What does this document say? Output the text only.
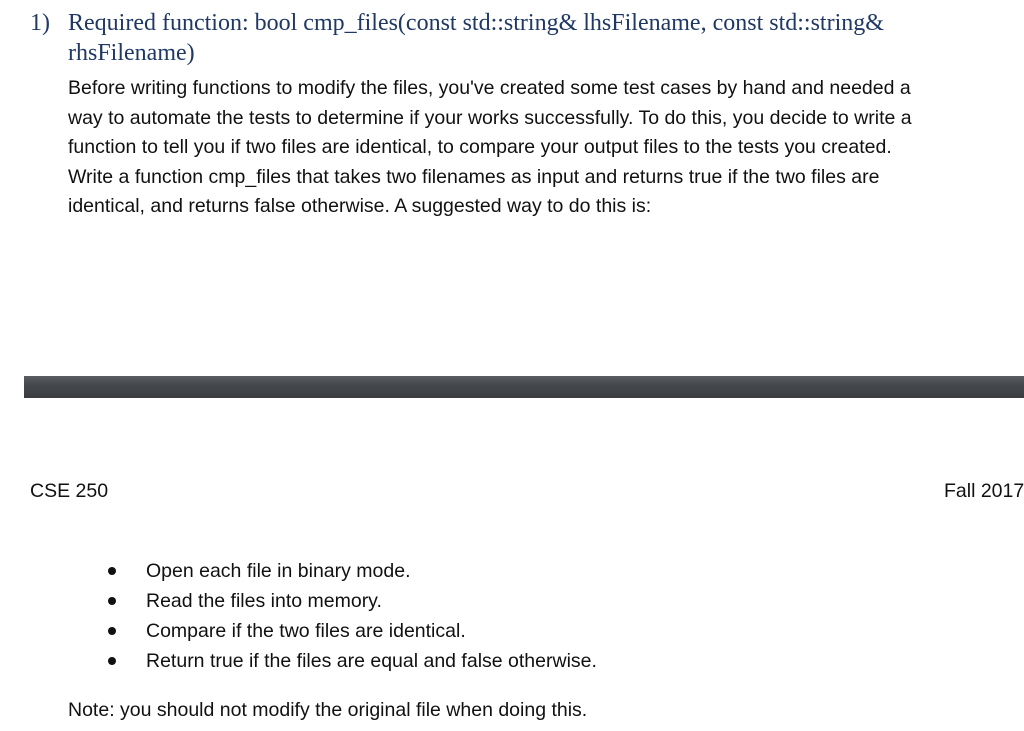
1) Required function: bool cmp_files(const std::string& lhsFilename, const std::string&
rhsFilename)
Before writing functions to modify the files, you've created some test cases by hand and needed a
way to automate the tests to determine if your works successfully. To do this, you decide to write a
function to tell you if two files are identical, to compare your output files to the tests you created.
Write a function cmp_files that takes two filenames as input and returns true if the two files are
identical, and returns false otherwise. A suggested way to do this is:
CSE 250	Fall 2017
Open each file in binary mode.
Read the files into memory.
Compare if the two files are identical.
Return true if the files are equal and false otherwise.
Note: you should not modify the original file when doing this.
